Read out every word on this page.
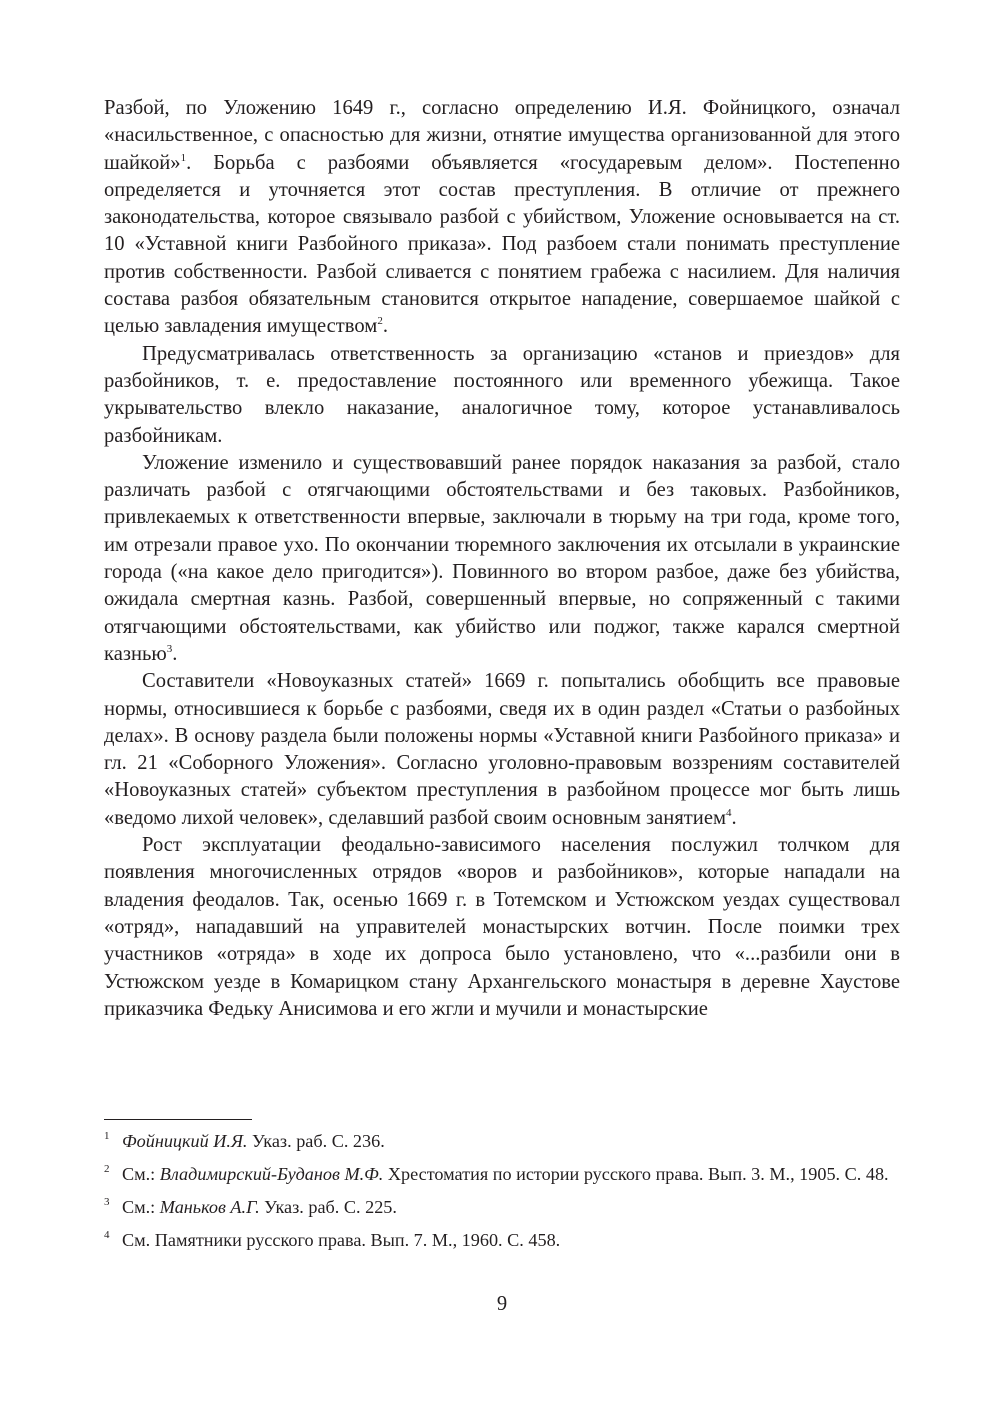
Разбой, по Уложению 1649 г., согласно определению И.Я. Фойницкого, означал «насильственное, с опасностью для жизни, отнятие имущества организованной для этого шайкой»$^1$. Борьба с разбоями объявляется «государевым делом». Постепенно определяется и уточняется этот состав преступления. В отличие от прежнего законодательства, которое связывало разбой с убийством, Уложение основывается на ст. 10 «Уставной книги Разбойного приказа». Под разбоем стали понимать преступление против собственности. Разбой сливается с понятием грабежа с насилием. Для наличия состава разбоя обязательным становится открытое нападение, совершаемое шайкой с целью завладения имуществом$^2$.

Предусматривалась ответственность за организацию «станов и приездов» для разбойников, т. е. предоставление постоянного или временного убежища. Такое укрывательство влекло наказание, аналогичное тому, которое устанавливалось разбойникам.

Уложение изменило и существовавший ранее порядок наказания за разбой, стало различать разбой с отягчающими обстоятельствами и без таковых. Разбойников, привлекаемых к ответственности впервые, заключали в тюрьму на три года, кроме того, им отрезали правое ухо. По окончании тюремного заключения их отсылали в украинские города («на какое дело пригодится»). Повинного во втором разбое, даже без убийства, ожидала смертная казнь. Разбой, совершенный впервые, но сопряженный с такими отягчающими обстоятельствами, как убийство или поджог, также карался смертной казнью$^3$.

Составители «Новоуказных статей» 1669 г. попытались обобщить все правовые нормы, относившиеся к борьбе с разбоями, сведя их в один раздел «Статьи о разбойных делах». В основу раздела были положены нормы «Уставной книги Разбойного приказа» и гл. 21 «Соборного Уложения». Согласно уголовно-правовым воззрениям составителей «Новоуказных статей» субъектом преступления в разбойном процессе мог быть лишь «ведомо лихой человек», сделавший разбой своим основным занятием$^4$.

Рост эксплуатации феодально-зависимого населения послужил толчком для появления многочисленных отрядов «воров и разбойников», которые нападали на владения феодалов. Так, осенью 1669 г. в Тотемском и Устюжском уездах существовал «отряд», нападавший на управителей монастырских вотчин. После поимки трех участников «отряда» в ходе их допроса было установлено, что «...разбили они в Устюжском уезде в Комарицком стану Архангельского монастыря в деревне Хаустове приказчика Федьку Анисимова и его жгли и мучили и монастырские

1 Фойницкий И.Я. Указ. раб. С. 236.

2 См.: Владимирский-Буданов М.Ф. Хрестоматия по истории русского права. Вып. 3. М., 1905. С. 48.

3 См.: Маньков А.Г. Указ. раб. С. 225.

4 См. Памятники русского права. Вып. 7. М., 1960. С. 458.

9
